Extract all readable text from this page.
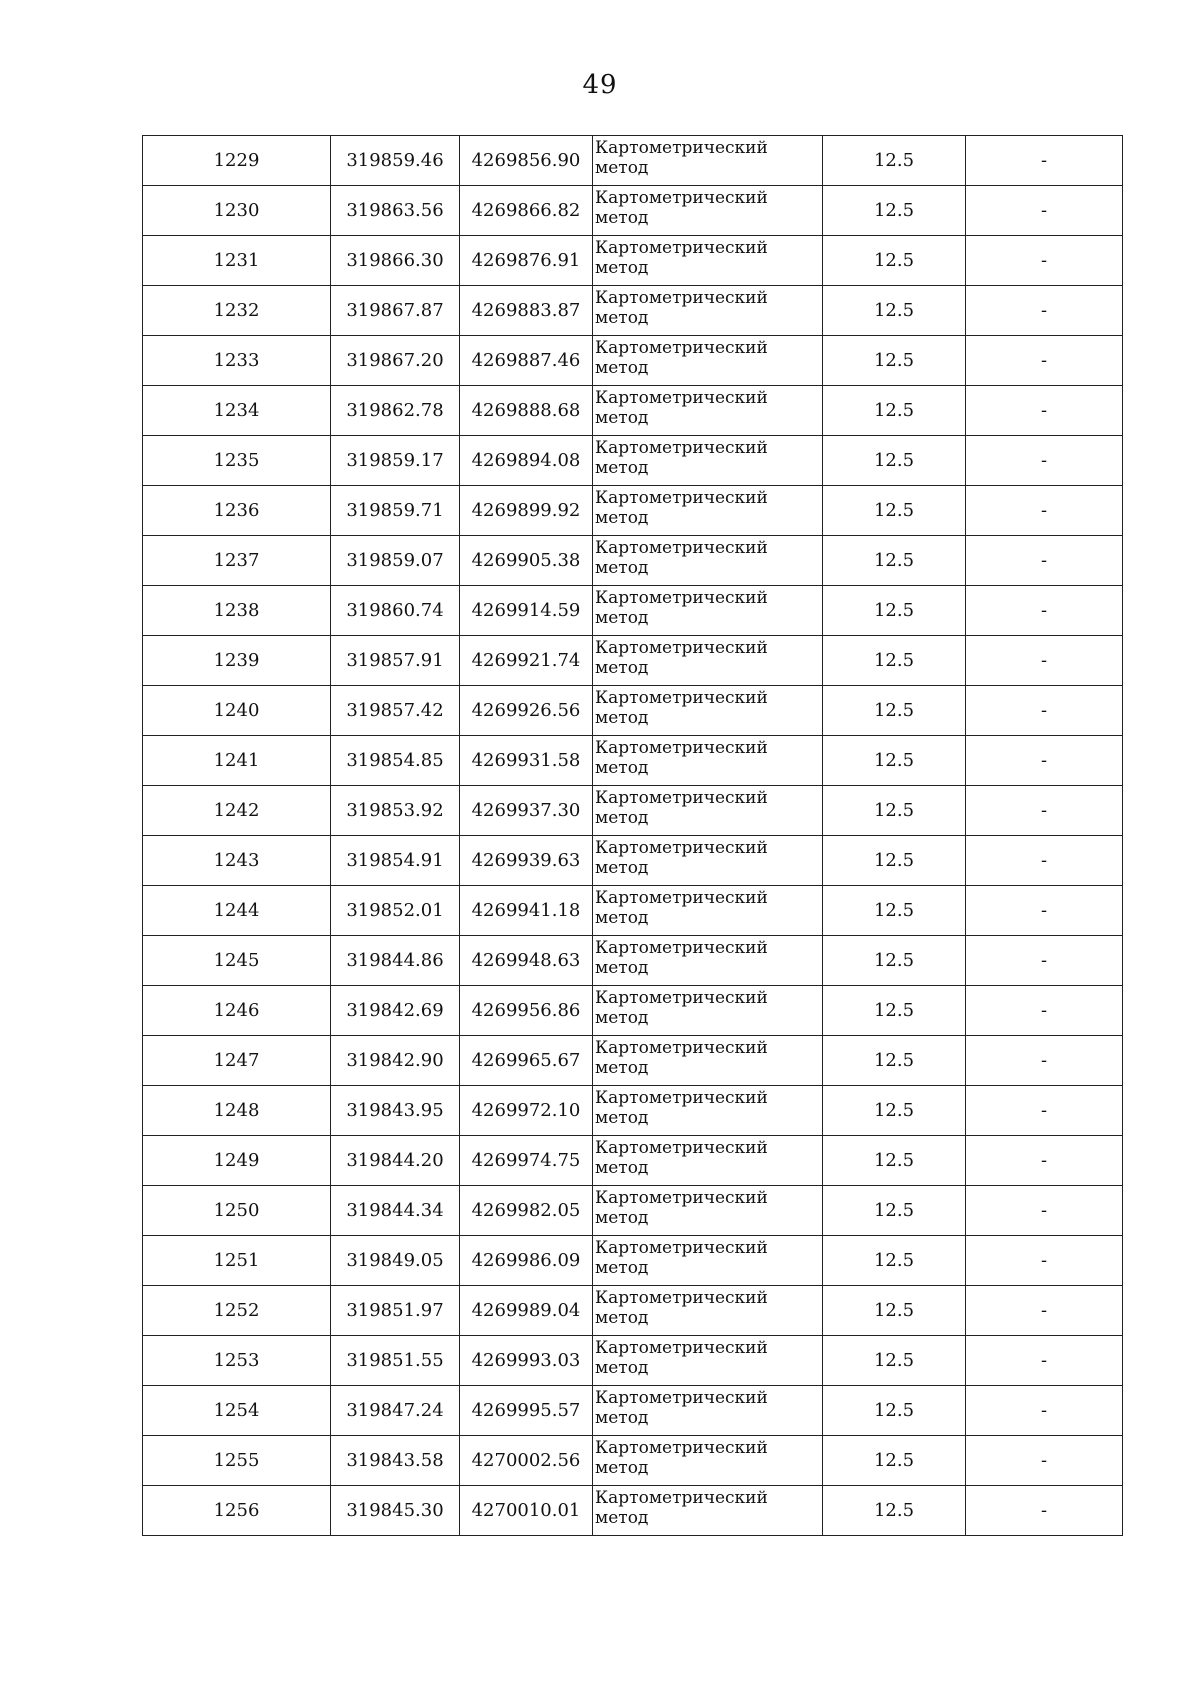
49
1229	319859.46	4269856.90	Картометрический метод	12.5	-
1230	319863.56	4269866.82	Картометрический метод	12.5	-
1231	319866.30	4269876.91	Картометрический метод	12.5	-
1232	319867.87	4269883.87	Картометрический метод	12.5	-
1233	319867.20	4269887.46	Картометрический метод	12.5	-
1234	319862.78	4269888.68	Картометрический метод	12.5	-
1235	319859.17	4269894.08	Картометрический метод	12.5	-
1236	319859.71	4269899.92	Картометрический метод	12.5	-
1237	319859.07	4269905.38	Картометрический метод	12.5	-
1238	319860.74	4269914.59	Картометрический метод	12.5	-
1239	319857.91	4269921.74	Картометрический метод	12.5	-
1240	319857.42	4269926.56	Картометрический метод	12.5	-
1241	319854.85	4269931.58	Картометрический метод	12.5	-
1242	319853.92	4269937.30	Картометрический метод	12.5	-
1243	319854.91	4269939.63	Картометрический метод	12.5	-
1244	319852.01	4269941.18	Картометрический метод	12.5	-
1245	319844.86	4269948.63	Картометрический метод	12.5	-
1246	319842.69	4269956.86	Картометрический метод	12.5	-
1247	319842.90	4269965.67	Картометрический метод	12.5	-
1248	319843.95	4269972.10	Картометрический метод	12.5	-
1249	319844.20	4269974.75	Картометрический метод	12.5	-
1250	319844.34	4269982.05	Картометрический метод	12.5	-
1251	319849.05	4269986.09	Картометрический метод	12.5	-
1252	319851.97	4269989.04	Картометрический метод	12.5	-
1253	319851.55	4269993.03	Картометрический метод	12.5	-
1254	319847.24	4269995.57	Картометрический метод	12.5	-
1255	319843.58	4270002.56	Картометрический метод	12.5	-
1256	319845.30	4270010.01	Картометрический метод	12.5	-
